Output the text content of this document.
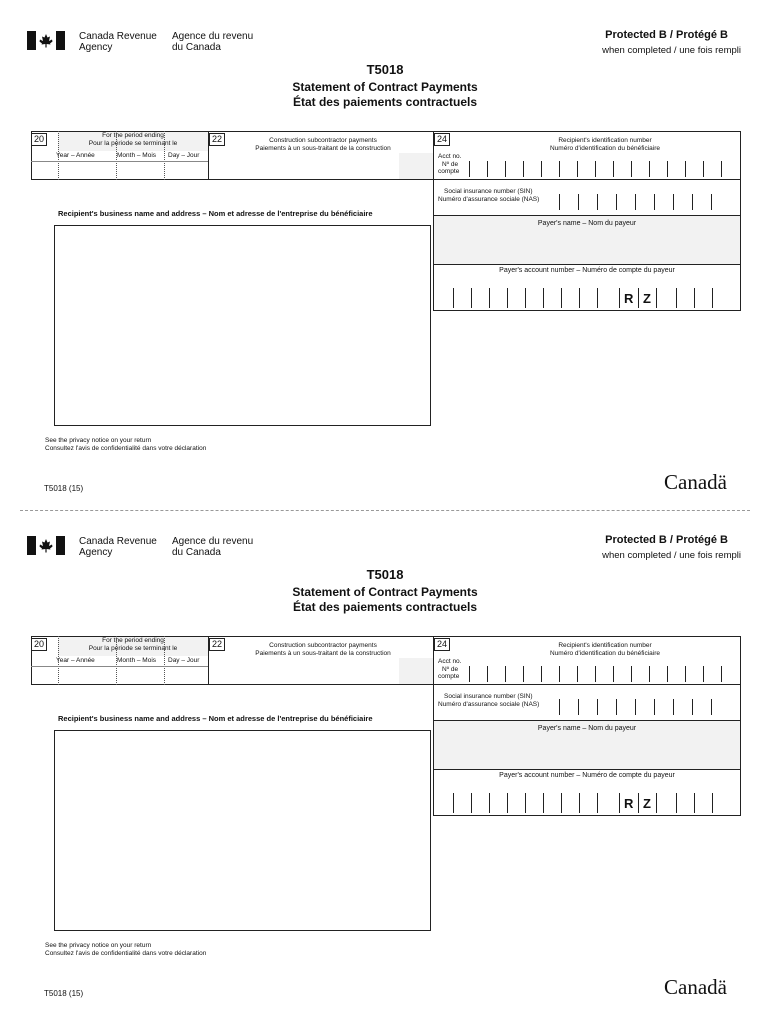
Canada Revenue
Agency
Agence du revenu
du Canada
Protected B / Protégé B
when completed / une fois rempli
T5018
Statement of Contract Payments
État des paiements contractuels
20	For the period ending
Pour la période se terminant le
Year – Année	Month – Mois Day – Jour
22	Construction subcontractor payments
Paiements à un sous-traitant de la construction
24	Recipient's identification number
Numéro d'identification du bénéficiaire
Acct no.
Nº de
compte
Social insurance number (SIN)
Numéro d'assurance sociale (NAS)
Payer's name – Nom du payeur
Payer's account number – Numéro de compte du payeur
R Z
Recipient's business name and address – Nom et adresse de l'entreprise du bénéficiaire
See the privacy notice on your return
Consultez l'avis de confidentialité dans votre déclaration
T5018 (15)	Canadä
Canada Revenue
Agency
Agence du revenu
du Canada
Protected B / Protégé B
when completed / une fois rempli
T5018
Statement of Contract Payments
État des paiements contractuels
20	For the period ending
Pour la période se terminant le
Year – Année	Month – Mois Day – Jour
22	Construction subcontractor payments
Paiements à un sous-traitant de la construction
24	Recipient's identification number
Numéro d'identification du bénéficiaire
Acct no.
Nº de
compte
Social insurance number (SIN)
Numéro d'assurance sociale (NAS)
Payer's name – Nom du payeur
Payer's account number – Numéro de compte du payeur
R Z
Recipient's business name and address – Nom et adresse de l'entreprise du bénéficiaire
See the privacy notice on your return
Consultez l'avis de confidentialité dans votre déclaration
T5018 (15)	Canadä
